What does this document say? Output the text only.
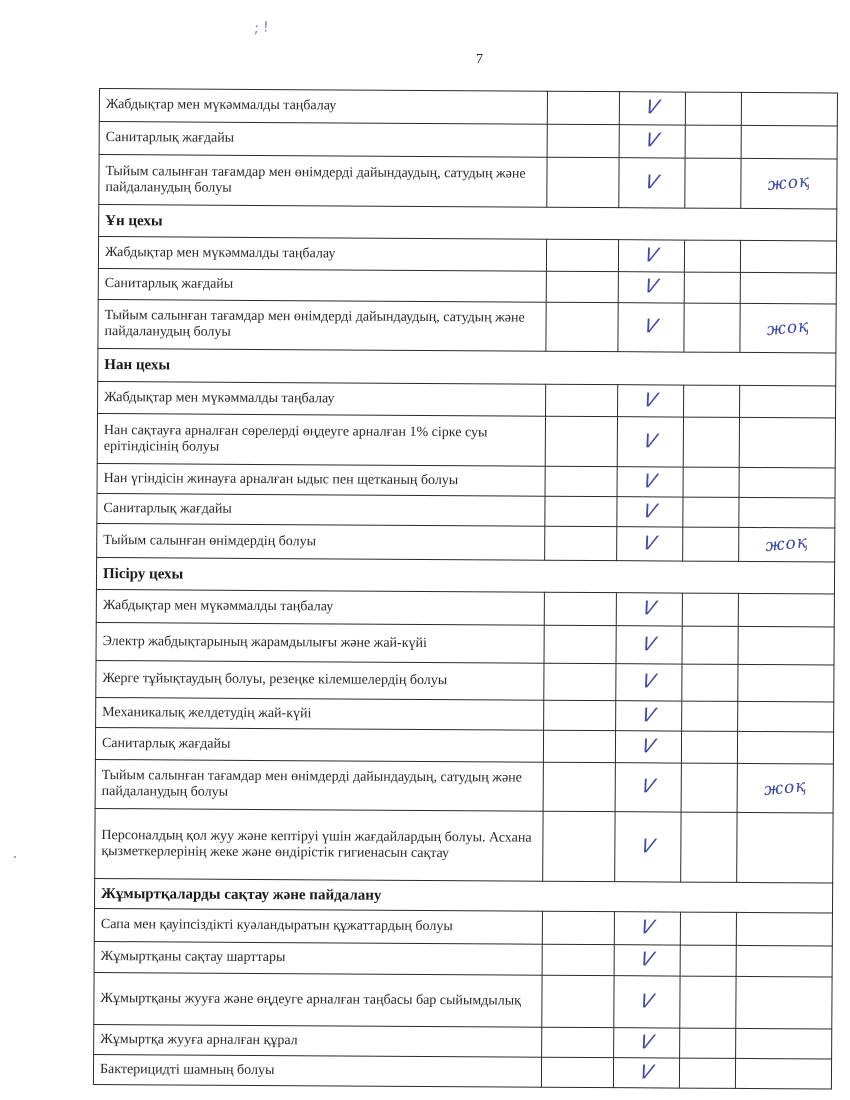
; !
7
Жабдықтар мен мүкәммалды таңбалау		V		
Санитарлық жағдайы		V		
Тыйым салынған тағамдар мен өнімдерді дайындаудың, сатудың және пайдаланудың болуы		V		жоқ
Ұн цехы				
Жабдықтар мен мүкәммалды таңбалау		V		
Санитарлық жағдайы		V		
Тыйым салынған тағамдар мен өнімдерді дайындаудың, сатудың және пайдаланудың болуы		V		жоқ
Нан цехы				
Жабдықтар мен мүкәммалды таңбалау		V		
Нан сақтауға арналған сөрелерді өңдеуге арналған 1% сірке суы ерітіндісінің болуы		V		
Нан үгіндісін жинауға арналған ыдыс пен щетканың болуы		V		
Санитарлық жағдайы		V		
Тыйым салынған өнімдердің болуы		V		жоқ
Пісіру цехы				
Жабдықтар мен мүкәммалды таңбалау		V		
Электр жабдықтарының жарамдылығы және жай-күйі		V		
Жерге тұйықтаудың болуы, резеңке кілемшелердің болуы		V		
Механикалық желдетудің жай-күйі		V		
Санитарлық жағдайы		V		
Тыйым салынған тағамдар мен өнімдерді дайындаудың, сатудың және пайдаланудың болуы		V		жоқ
Персоналдың қол жуу және кептіруі үшін жағдайлардың болуы. Асхана қызметкерлерінің жеке және өндірістік гигиенасын сақтау		V		
Жұмыртқаларды сақтау және пайдалану				
Сапа мен қауіпсіздікті куәландыратын құжаттардың болуы		V		
Жұмыртқаны сақтау шарттары		V		
Жұмыртқаны жууға және өңдеуге арналған таңбасы бар сыйымдылық		V		
Жұмыртқа жууға арналған құрал		V		
Бактерицидті шамның болуы		V		
